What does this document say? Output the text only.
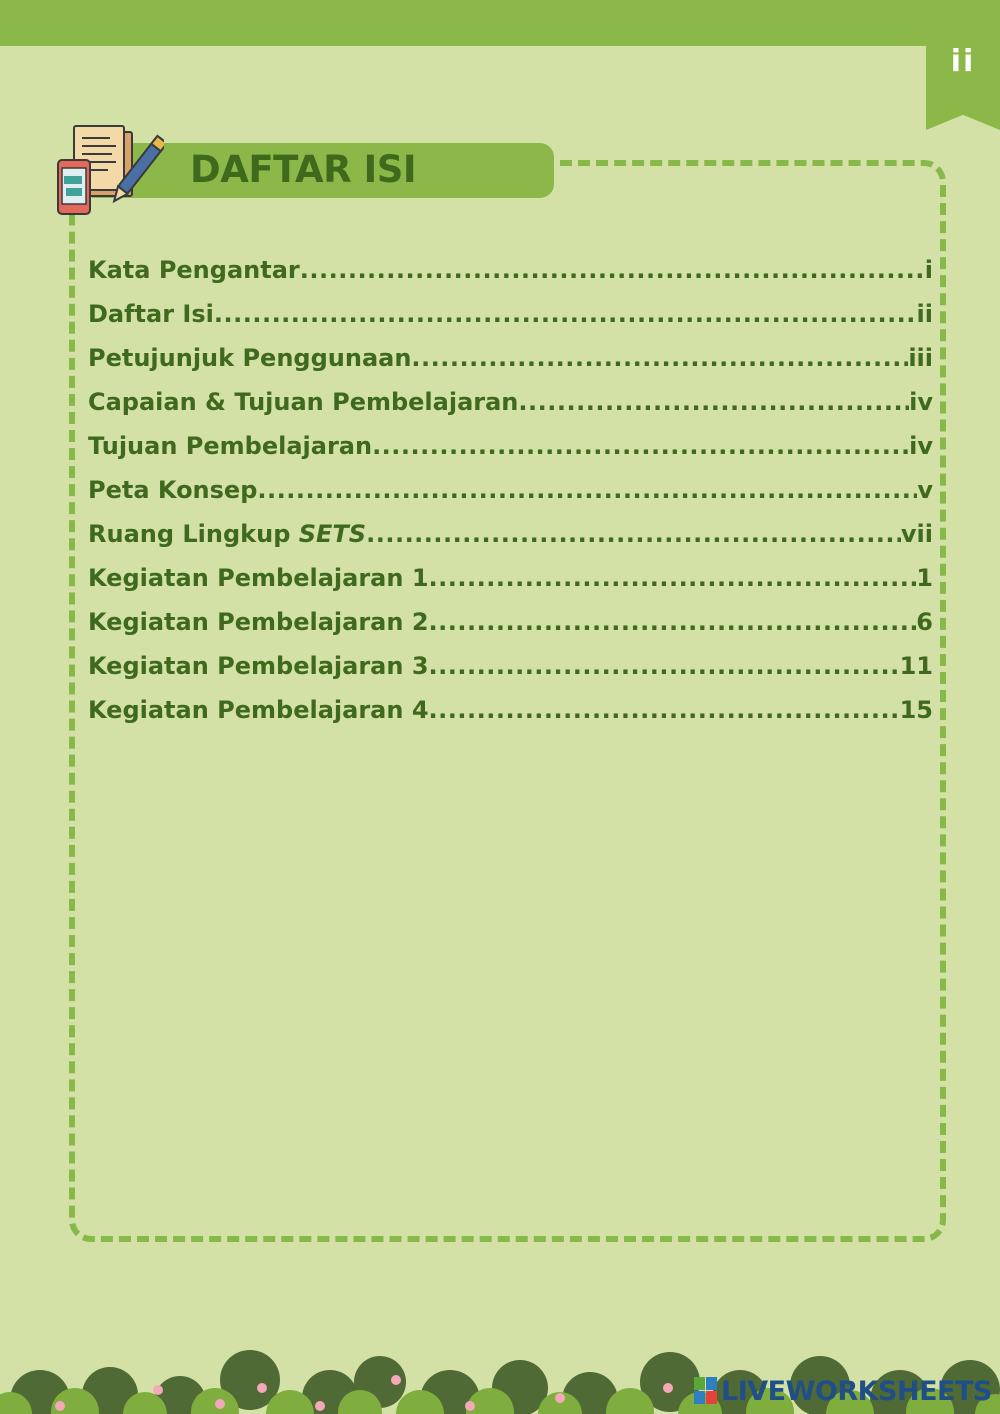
ii
DAFTAR ISI
Kata Pengantar .....	i
Daftar Isi .....	ii
Petujunjuk Penggunaan .....	iii
Capaian & Tujuan Pembelajaran .....	iv
Tujuan Pembelajaran .....	iv
Peta Konsep .....	v
Ruang Lingkup SETS .....	vii
Kegiatan Pembelajaran 1 .....	1
Kegiatan Pembelajaran 2 .....	6
Kegiatan Pembelajaran 3 .....	11
Kegiatan Pembelajaran 4 .....	15
LIVEWORKSHEETS
